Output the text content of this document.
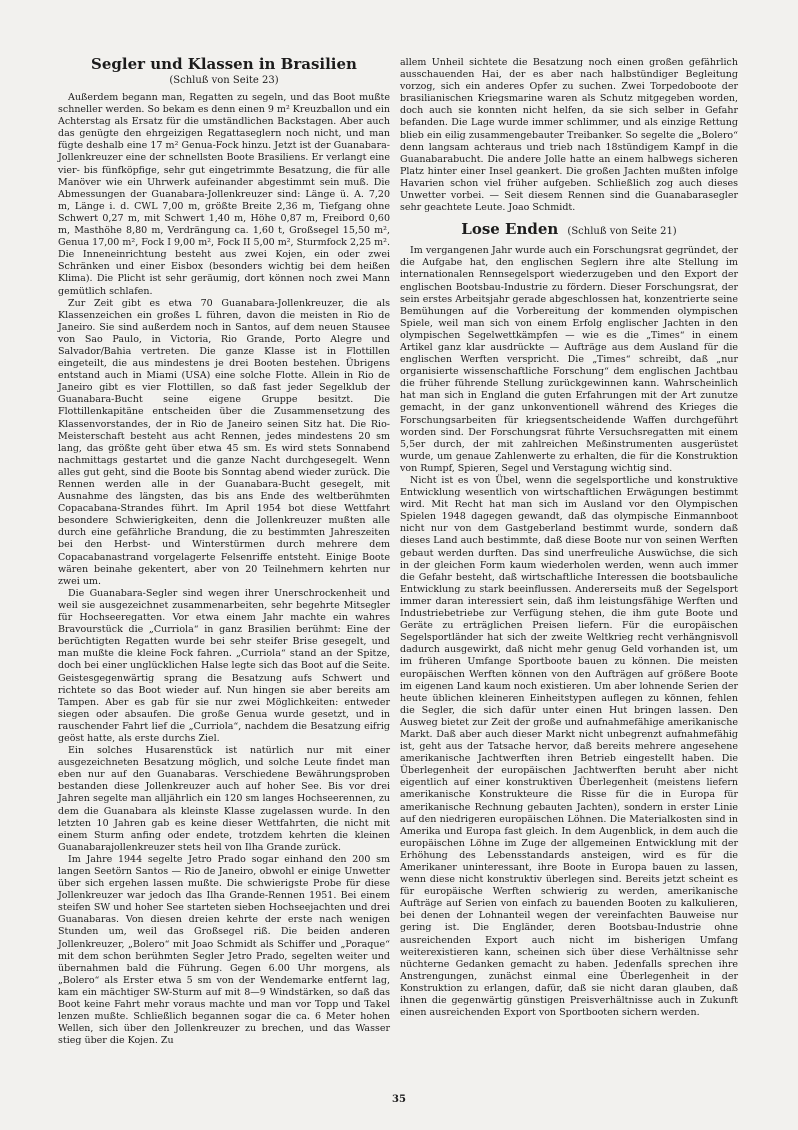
Segler und Klassen in Brasilien
(Schluß von Seite 23)

Außerdem begann man, Regatten zu segeln, und das Boot mußte schneller werden. So bekam es denn einen 9 m² Kreuzballon und ein Achterstag als Ersatz für die umständlichen Backstagen. Aber auch das genügte den ehrgeizigen Regattaseglern noch nicht, und man fügte deshalb eine 17 m² Genua-Fock hinzu. Jetzt ist der Guanabara-Jollenkreuzer eine der schnellsten Boote Brasiliens. Er verlangt eine vier- bis fünfköpfige, sehr gut eingetrimmte Besatzung, die für alle Manöver wie ein Uhrwerk aufeinander abgestimmt sein muß. Die Abmessungen der Guanabara-Jollenkreuzer sind: Länge ü. A. 7,20 m, Länge i. d. CWL 7,00 m, größte Breite 2,36 m, Tiefgang ohne Schwert 0,27 m, mit Schwert 1,40 m, Höhe 0,87 m, Freibord 0,60 m, Masthöhe 8,80 m, Verdrängung ca. 1,60 t, Großsegel 15,50 m², Genua 17,00 m², Fock I 9,00 m², Fock II 5,00 m², Sturmfock 2,25 m². Die Inneneinrichtung besteht aus zwei Kojen, ein oder zwei Schränken und einer Eisbox (besonders wichtig bei dem heißen Klima). Die Plicht ist sehr geräumig, dort können noch zwei Mann gemütlich schlafen.

Zur Zeit gibt es etwa 70 Guanabara-Jollenkreuzer, die als Klassenzeichen ein großes L führen, davon die meisten in Rio de Janeiro. Sie sind außerdem noch in Santos, auf dem neuen Stausee von Sao Paulo, in Victoria, Rio Grande, Porto Alegre und Salvador/Bahia vertreten. Die ganze Klasse ist in Flottillen eingeteilt, die aus mindestens je drei Booten bestehen. Übrigens entstand auch in Miami (USA) eine solche Flotte. Allein in Rio de Janeiro gibt es vier Flottillen, so daß fast jeder Segelklub der Guanabara-Bucht seine eigene Gruppe besitzt. Die Flottillenkapitäne entscheiden über die Zusammensetzung des Klassenvorstandes, der in Rio de Janeiro seinen Sitz hat. Die Rio-Meisterschaft besteht aus acht Rennen, jedes mindestens 20 sm lang, das größte geht über etwa 45 sm. Es wird stets Sonnabend nachmittags gestartet und die ganze Nacht durchgesegelt. Wenn alles gut geht, sind die Boote bis Sonntag abend wieder zurück. Die Rennen werden alle in der Guanabara-Bucht gesegelt, mit Ausnahme des längsten, das bis ans Ende des weltberühmten Copacabana-Strandes führt. Im April 1954 bot diese Wettfahrt besondere Schwierigkeiten, denn die Jollenkreuzer mußten alle durch eine gefährliche Brandung, die zu bestimmten Jahreszeiten bei den Herbst- und Winterstürmen durch mehrere dem Copacabanastrand vorgelagerte Felsenriffe entsteht. Einige Boote wären beinahe gekentert, aber von 20 Teilnehmern kehrten nur zwei um.

Die Guanabara-Segler sind wegen ihrer Unerschrockenheit und weil sie ausgezeichnet zusammenarbeiten, sehr begehrte Mitsegler für Hochseeregatten. Vor etwa einem Jahr machte ein wahres Bravourstück die „Curriola“ in ganz Brasilien berühmt: Eine der berüchtigten Regatten wurde bei sehr steifer Brise gesegelt, und man mußte die kleine Fock fahren. „Curriola“ stand an der Spitze, doch bei einer unglücklichen Halse legte sich das Boot auf die Seite. Geistesgegenwärtig sprang die Besatzung aufs Schwert und richtete so das Boot wieder auf. Nun hingen sie aber bereits am Tampen. Aber es gab für sie nur zwei Möglichkeiten: entweder siegen oder absaufen. Die große Genua wurde gesetzt, und in rauschender Fahrt lief die „Curriola“, nachdem die Besatzung eifrig geöst hatte, als erste durchs Ziel.

Ein solches Husarenstück ist natürlich nur mit einer ausgezeichneten Besatzung möglich, und solche Leute findet man eben nur auf den Guanabaras. Verschiedene Bewährungsproben bestanden diese Jollenkreuzer auch auf hoher See. Bis vor drei Jahren segelte man alljährlich ein 120 sm langes Hochseerennen, zu dem die Guanabara als kleinste Klasse zugelassen wurde. In den letzten 10 Jahren gab es keine dieser Wettfahrten, die nicht mit einem Sturm anfing oder endete, trotzdem kehrten die kleinen Guanabarajollenkreuzer stets heil von Ilha Grande zurück.

Im Jahre 1944 segelte Jetro Prado sogar einhand den 200 sm langen Seetörn Santos — Rio de Janeiro, obwohl er einige Unwetter über sich ergehen lassen mußte. Die schwierigste Probe für diese Jollenkreuzer war jedoch das Ilha Grande-Rennen 1951. Bei einem steifen SW und hoher See starteten sieben Hochseejachten und drei Guanabaras. Von diesen dreien kehrte der erste nach wenigen Stunden um, weil das Großsegel riß. Die beiden anderen Jollenkreuzer, „Bolero“ mit Joao Schmidt als Schiffer und „Poraque“ mit dem schon berühmten Segler Jetro Prado, segelten weiter und übernahmen bald die Führung. Gegen 6.00 Uhr morgens, als „Bolero“ als Erster etwa 5 sm von der Wendemarke entfernt lag, kam ein mächtiger SW-Sturm auf mit 8—9 Windstärken, so daß das Boot keine Fahrt mehr voraus machte und man vor Topp und Takel lenzen mußte. Schließlich begannen sogar die ca. 6 Meter hohen Wellen, sich über den Jollenkreuzer zu brechen, und das Wasser stieg über die Kojen. Zu

allem Unheil sichtete die Besatzung noch einen großen gefährlich ausschauenden Hai, der es aber nach halbstündiger Begleitung vorzog, sich ein anderes Opfer zu suchen. Zwei Torpedoboote der brasilianischen Kriegsmarine waren als Schutz mitgegeben worden, doch auch sie konnten nicht helfen, da sie sich selber in Gefahr befanden. Die Lage wurde immer schlimmer, und als einzige Rettung blieb ein eilig zusammengebauter Treibanker. So segelte die „Bolero“ denn langsam achteraus und trieb nach 18stündigem Kampf in die Guanabarabucht. Die andere Jolle hatte an einem halbwegs sicheren Platz hinter einer Insel geankert. Die großen Jachten mußten infolge Havarien schon viel früher aufgeben. Schließlich zog auch dieses Unwetter vorbei. — Seit diesem Rennen sind die Guanabarasegler sehr geachtete Leute. Joao Schmidt.

Lose Enden (Schluß von Seite 21)

Im vergangenen Jahr wurde auch ein Forschungsrat gegründet, der die Aufgabe hat, den englischen Seglern ihre alte Stellung im internationalen Rennsegelsport wiederzugeben und den Export der englischen Bootsbau-Industrie zu fördern. Dieser Forschungsrat, der sein erstes Arbeitsjahr gerade abgeschlossen hat, konzentrierte seine Bemühungen auf die Vorbereitung der kommenden olympischen Spiele, weil man sich von einem Erfolg englischer Jachten in den olympischen Segelwettkämpfen — wie es die „Times“ in einem Artikel ganz klar ausdrückte — Aufträge aus dem Ausland für die englischen Werften verspricht. Die „Times“ schreibt, daß „nur organisierte wissenschaftliche Forschung“ dem englischen Jachtbau die früher führende Stellung zurückgewinnen kann. Wahrscheinlich hat man sich in England die guten Erfahrungen mit der Art zunutze gemacht, in der ganz unkonventionell während des Krieges die Forschungsarbeiten für kriegsentscheidende Waffen durchgeführt worden sind. Der Forschungsrat führte Versuchsregatten mit einem 5,5er durch, der mit zahlreichen Meßinstrumenten ausgerüstet wurde, um genaue Zahlenwerte zu erhalten, die für die Konstruktion von Rumpf, Spieren, Segel und Verstagung wichtig sind.

Nicht ist es von Übel, wenn die segelsportliche und konstruktive Entwicklung wesentlich von wirtschaftlichen Erwägungen bestimmt wird. Mit Recht hat man sich im Ausland vor den Olympischen Spielen 1948 dagegen gewandt, daß das olympische Einmannboot nicht nur von dem Gastgeberland bestimmt wurde, sondern daß dieses Land auch bestimmte, daß diese Boote nur von seinen Werften gebaut werden durften. Das sind unerfreuliche Auswüchse, die sich in der gleichen Form kaum wiederholen werden, wenn auch immer die Gefahr besteht, daß wirtschaftliche Interessen die bootsbauliche Entwicklung zu stark beeinflussen. Andererseits muß der Segelsport immer daran interessiert sein, daß ihm leistungsfähige Werften und Industriebetriebe zur Verfügung stehen, die ihm gute Boote und Geräte zu erträglichen Preisen liefern. Für die europäischen Segelsportländer hat sich der zweite Weltkrieg recht verhängnisvoll dadurch ausgewirkt, daß nicht mehr genug Geld vorhanden ist, um im früheren Umfange Sportboote bauen zu können. Die meisten europäischen Werften können von den Aufträgen auf größere Boote im eigenen Land kaum noch existieren. Um aber lohnende Serien der heute üblichen kleineren Einheitstypen auflegen zu können, fehlen die Segler, die sich dafür unter einen Hut bringen lassen. Den Ausweg bietet zur Zeit der große und aufnahmefähige amerikanische Markt. Daß aber auch dieser Markt nicht unbegrenzt aufnahmefähig ist, geht aus der Tatsache hervor, daß bereits mehrere angesehene amerikanische Jachtwerften ihren Betrieb eingestellt haben. Die Überlegenheit der europäischen Jachtwerften beruht aber nicht eigentlich auf einer konstruktiven Überlegenheit (meistens liefern amerikanische Konstrukteure die Risse für die in Europa für amerikanische Rechnung gebauten Jachten), sondern in erster Linie auf den niedrigeren europäischen Löhnen. Die Materialkosten sind in Amerika und Europa fast gleich. In dem Augenblick, in dem auch die europäischen Löhne im Zuge der allgemeinen Entwicklung mit der Erhöhung des Lebensstandards ansteigen, wird es für die Amerikaner uninteressant, ihre Boote in Europa bauen zu lassen, wenn diese nicht konstruktiv überlegen sind. Bereits jetzt scheint es für europäische Werften schwierig zu werden, amerikanische Aufträge auf Serien von einfach zu bauenden Booten zu kalkulieren, bei denen der Lohnanteil wegen der vereinfachten Bauweise nur gering ist. Die Engländer, deren Bootsbau-Industrie ohne ausreichenden Export auch nicht im bisherigen Umfang weiterexistieren kann, scheinen sich über diese Verhältnisse sehr nüchterne Gedanken gemacht zu haben. Jedenfalls sprechen ihre Anstrengungen, zunächst einmal eine Überlegenheit in der Konstruktion zu erlangen, dafür, daß sie nicht daran glauben, daß ihnen die gegenwärtig günstigen Preisverhältnisse auch in Zukunft einen ausreichenden Export von Sportbooten sichern werden.

35
